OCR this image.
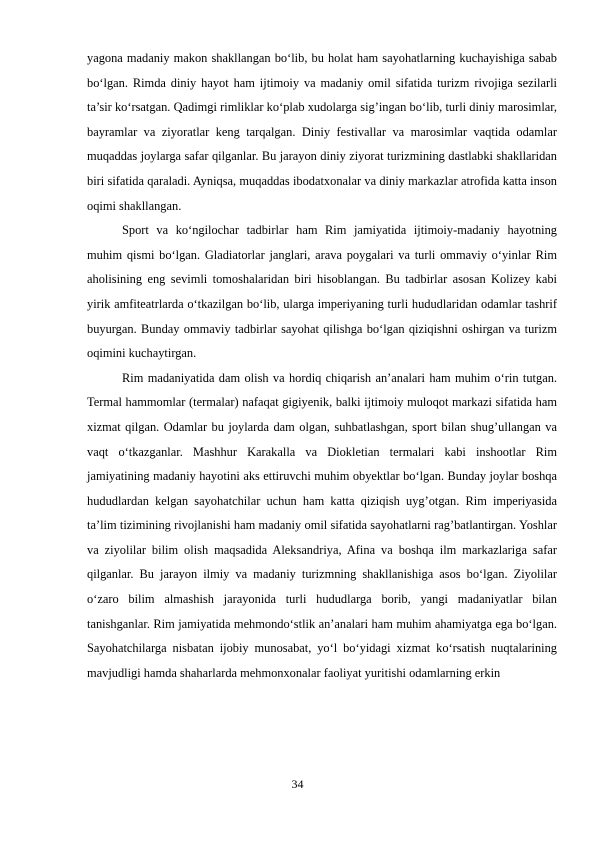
yagona madaniy makon shakllangan bo‘lib, bu holat ham sayohatlarning kuchayishiga sabab bo‘lgan. Rimda diniy hayot ham ijtimoiy va madaniy omil sifatida turizm rivojiga sezilarli ta’sir ko‘rsatgan. Qadimgi rimliklar ko‘plab xudolarga sig’ingan bo‘lib, turli diniy marosimlar, bayramlar va ziyoratlar keng tarqalgan. Diniy festivallar va marosimlar vaqtida odamlar muqaddas joylarga safar qilganlar. Bu jarayon diniy ziyorat turizmining dastlabki shakllaridan biri sifatida qaraladi. Ayniqsa, muqaddas ibodatxonalar va diniy markazlar atrofida katta inson oqimi shakllangan.

Sport va ko‘ngilochar tadbirlar ham Rim jamiyatida ijtimoiy-madaniy hayotning muhim qismi bo‘lgan. Gladiatorlar janglari, arava poygalari va turli ommaviy o‘yinlar Rim aholisining eng sevimli tomoshalaridan biri hisoblangan. Bu tadbirlar asosan Kolizey kabi yirik amfiteatrlarda o‘tkazilgan bo‘lib, ularga imperiyaning turli hududlaridan odamlar tashrif buyurgan. Bunday ommaviy tadbirlar sayohat qilishga bo‘lgan qiziqishni oshirgan va turizm oqimini kuchaytirgan.

Rim madaniyatida dam olish va hordiq chiqarish an’analari ham muhim o‘rin tutgan. Termal hammomlar (termalar) nafaqat gigiyenik, balki ijtimoiy muloqot markazi sifatida ham xizmat qilgan. Odamlar bu joylarda dam olgan, suhbatlashgan, sport bilan shug’ullangan va vaqt o‘tkazganlar. Mashhur Karakalla va Diokletian termalari kabi inshootlar Rim jamiyatining madaniy hayotini aks ettiruvchi muhim obyektlar bo‘lgan. Bunday joylar boshqa hududlardan kelgan sayohatchilar uchun ham katta qiziqish uyg’otgan. Rim imperiyasida ta’lim tizimining rivojlanishi ham madaniy omil sifatida sayohatlarni rag’batlantirgan. Yoshlar va ziyolilar bilim olish maqsadida Aleksandriya, Afina va boshqa ilm markazlariga safar qilganlar. Bu jarayon ilmiy va madaniy turizmning shakllanishiga asos bo‘lgan. Ziyolilar o‘zaro bilim almashish jarayonida turli hududlarga borib, yangi madaniyatlar bilan tanishganlar. Rim jamiyatida mehmondo‘stlik an’analari ham muhim ahamiyatga ega bo‘lgan. Sayohatchilarga nisbatan ijobiy munosabat, yo‘l bo‘yidagi xizmat ko‘rsatish nuqtalarining mavjudligi hamda shaharlarda mehmonxonalar faoliyat yuritishi odamlarning erkin

34
